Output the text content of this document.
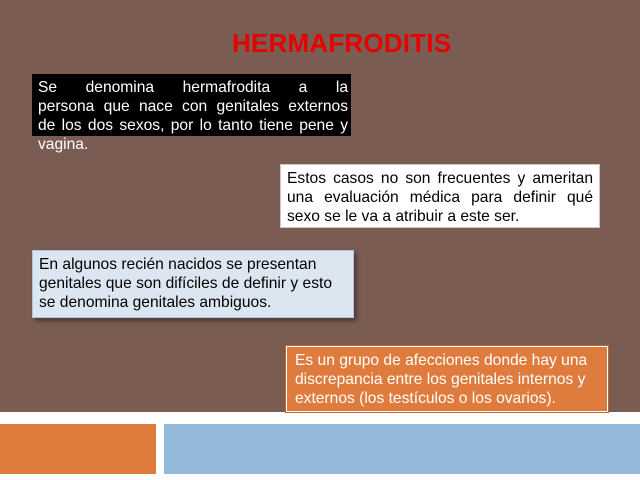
HERMAFRODITIS
Se denomina hermafrodita a la
persona que nace con genitales externos
de los dos sexos, por lo tanto tiene pene y
vagina.
Estos casos no son frecuentes y ameritan
una evaluación médica para definir qué
sexo se le va a atribuir a este ser.

En algunos recién nacidos se presentan

genitales que son difíciles de definir y esto

se denomina genitales ambiguos.

Es un grupo de afecciones donde hay una

discrepancia entre los genitales internos y

externos (los testículos o los ovarios).
